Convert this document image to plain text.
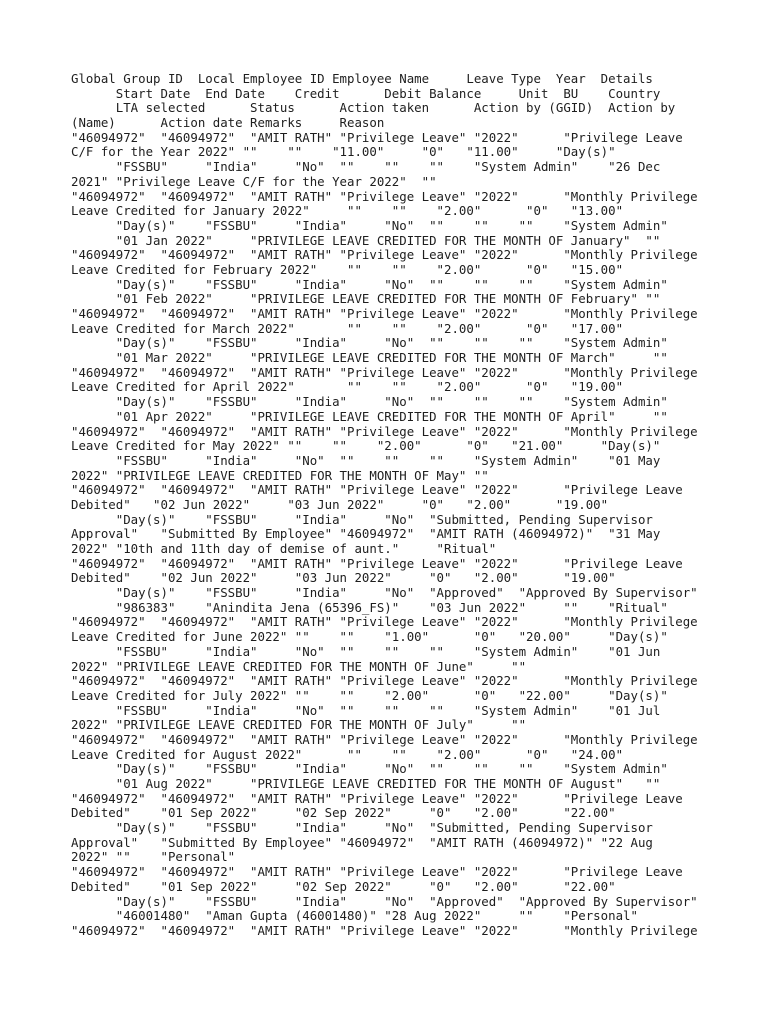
Global Group ID  Local Employee ID Employee Name     Leave Type  Year  Details
Start Date  End Date    Credit      Debit Balance     Unit  BU    Country
LTA selected      Status      Action taken      Action by (GGID)  Action by
(Name)      Action date Remarks     Reason
"46094972"  "46094972"  "AMIT RATH" "Privilege Leave" "2022"      "Privilege Leave
C/F for the Year 2022" ""    ""    "11.00"     "0"   "11.00"     "Day(s)"
"FSSBU"     "India"     "No"  ""    ""    ""    "System Admin"    "26 Dec
2021" "Privilege Leave C/F for the Year 2022"  ""
"46094972"  "46094972"  "AMIT RATH" "Privilege Leave" "2022"      "Monthly Privilege
Leave Credited for January 2022"     ""    ""    "2.00"      "0"   "13.00"
"Day(s)"    "FSSBU"     "India"     "No"  ""    ""    ""    "System Admin"
"01 Jan 2022"     "PRIVILEGE LEAVE CREDITED FOR THE MONTH OF January"  ""
"46094972"  "46094972"  "AMIT RATH" "Privilege Leave" "2022"      "Monthly Privilege
Leave Credited for February 2022"    ""    ""    "2.00"      "0"   "15.00"
"Day(s)"    "FSSBU"     "India"     "No"  ""    ""    ""    "System Admin"
"01 Feb 2022"     "PRIVILEGE LEAVE CREDITED FOR THE MONTH OF February" ""
"46094972"  "46094972"  "AMIT RATH" "Privilege Leave" "2022"      "Monthly Privilege
Leave Credited for March 2022"       ""    ""    "2.00"      "0"   "17.00"
"Day(s)"    "FSSBU"     "India"     "No"  ""    ""    ""    "System Admin"
"01 Mar 2022"     "PRIVILEGE LEAVE CREDITED FOR THE MONTH OF March"     ""
"46094972"  "46094972"  "AMIT RATH" "Privilege Leave" "2022"      "Monthly Privilege
Leave Credited for April 2022"       ""    ""    "2.00"      "0"   "19.00"
"Day(s)"    "FSSBU"     "India"     "No"  ""    ""    ""    "System Admin"
"01 Apr 2022"     "PRIVILEGE LEAVE CREDITED FOR THE MONTH OF April"     ""
"46094972"  "46094972"  "AMIT RATH" "Privilege Leave" "2022"      "Monthly Privilege
Leave Credited for May 2022" ""    ""    "2.00"      "0"   "21.00"     "Day(s)"
"FSSBU"     "India"     "No"  ""    ""    ""    "System Admin"    "01 May
2022" "PRIVILEGE LEAVE CREDITED FOR THE MONTH OF May" ""
"46094972"  "46094972"  "AMIT RATH" "Privilege Leave" "2022"      "Privilege Leave
Debited"   "02 Jun 2022"     "03 Jun 2022"     "0"   "2.00"      "19.00"
"Day(s)"    "FSSBU"     "India"     "No"  "Submitted, Pending Supervisor
Approval"   "Submitted By Employee" "46094972"  "AMIT RATH (46094972)"  "31 May
2022" "10th and 11th day of demise of aunt."     "Ritual"
"46094972"  "46094972"  "AMIT RATH" "Privilege Leave" "2022"      "Privilege Leave
Debited"    "02 Jun 2022"     "03 Jun 2022"     "0"   "2.00"      "19.00"
"Day(s)"    "FSSBU"     "India"     "No"  "Approved"  "Approved By Supervisor"
"986383"    "Anindita Jena (65396_FS)"    "03 Jun 2022"     ""    "Ritual"
"46094972"  "46094972"  "AMIT RATH" "Privilege Leave" "2022"      "Monthly Privilege
Leave Credited for June 2022" ""    ""    "1.00"      "0"   "20.00"     "Day(s)"
"FSSBU"     "India"     "No"  ""    ""    ""    "System Admin"    "01 Jun
2022" "PRIVILEGE LEAVE CREDITED FOR THE MONTH OF June"     ""
"46094972"  "46094972"  "AMIT RATH" "Privilege Leave" "2022"      "Monthly Privilege
Leave Credited for July 2022" ""    ""    "2.00"      "0"   "22.00"     "Day(s)"
"FSSBU"     "India"     "No"  ""    ""    ""    "System Admin"    "01 Jul
2022" "PRIVILEGE LEAVE CREDITED FOR THE MONTH OF July"     ""
"46094972"  "46094972"  "AMIT RATH" "Privilege Leave" "2022"      "Monthly Privilege
Leave Credited for August 2022"      ""    ""    "2.00"      "0"   "24.00"
"Day(s)"    "FSSBU"     "India"     "No"  ""    ""    ""    "System Admin"
"01 Aug 2022"     "PRIVILEGE LEAVE CREDITED FOR THE MONTH OF August"   ""
"46094972"  "46094972"  "AMIT RATH" "Privilege Leave" "2022"      "Privilege Leave
Debited"    "01 Sep 2022"     "02 Sep 2022"     "0"   "2.00"      "22.00"
"Day(s)"    "FSSBU"     "India"     "No"  "Submitted, Pending Supervisor
Approval"   "Submitted By Employee" "46094972"  "AMIT RATH (46094972)" "22 Aug
2022" ""    "Personal"
"46094972"  "46094972"  "AMIT RATH" "Privilege Leave" "2022"      "Privilege Leave
Debited"    "01 Sep 2022"     "02 Sep 2022"     "0"   "2.00"      "22.00"
"Day(s)"    "FSSBU"     "India"     "No"  "Approved"  "Approved By Supervisor"
"46001480"  "Aman Gupta (46001480)" "28 Aug 2022"     ""    "Personal"
"46094972"  "46094972"  "AMIT RATH" "Privilege Leave" "2022"      "Monthly Privilege
